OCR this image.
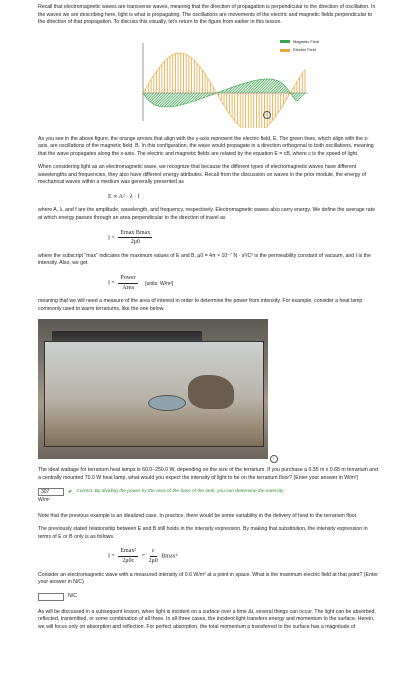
Recall that electromagnetic waves are transverse waves, meaning that the direction of propagation is perpendicular to the direction of oscillation. In the waves we are describing here, light is what is propagating. The oscillations are movements of the electric and magnetic fields perpendicular to the direction of that propagation. To discuss this visually, let's return to the figure from earlier in this lesson.

Magnetic Field
Electric Field
i

As you see in the above figure, the orange arrows that align with the y-axis represent the electric field, E. The green lines, which align with the z-axis, are oscillations of the magnetic field, B. In this configuration, the wave would propagate in a direction orthogonal to both oscillations, meaning that the wave propagates along the x-axis. The electric and magnetic fields are related by the equation E = cB, where c is the speed of light.

When considering light as an electromagnetic wave, we recognize that because the different types of electromagnetic waves have different wavelengths and frequencies, they also have different energy attributes. Recall from the discussion on waves in the prior module, the energy of mechanical waves within a medium was generally presented as

E ∝ A² · λ · f

where A, λ, and f are the amplitude, wavelength, and frequency, respectively. Electromagnetic waves also carry energy. We define the average rate at which energy passes through an area perpendicular to the direction of travel as

$I = \frac{\text{Emax Bmax}}{2\mu 0}$

where the subscript "max" indicates the maximum values of E and B, μ0 = 4π × 10⁻⁷ N · s²/C² is the permeability constant of vacuum, and I is the intensity. Also, we get

$I = \frac{\text{Power}}{\text{Area}}$ [units: W/m²]

meaning that we will need a measure of the area of interest in order to determine the power from intensity. For example, consider a heat lamp commonly used to warm terrariums, like the one below.

i

The ideal wattage for terrarium heat lamps is 60.0–250.0 W, depending on the size of the terrarium. If you purchase a 0.35 m x 0.65 m terrarium and a centrally mounted 70.0 W heat lamp, what would you expect the intensity of light to be on the terrarium floor? (Enter your answer in W/m²)

307	✔ Correct. By dividing the power by the area of the base of the tank, you can determine the intensity.
W/m²

Note that the previous example is an idealized case. In practice, there would be some variability in the delivery of heat to the terrarium floor.

The previously stated relationship between E and B still holds in the intensity expression. By making that substitution, the intensity expression in terms of E or B only is as follows.

$I = \frac{\text{Emax²}}{2\mu 0c} = \frac{c}{2\mu 0} Bmax^2$

Consider an electromagnetic wave with a measured intensity of 0.6 W/m² at a point in space. What is the maximum electric field at that point? (Enter your answer in N/C)

N/C

As will be discussed in a subsequent lesson, when light is incident on a surface over a time Δt, several things can occur. The light can be absorbed, reflected, transmitted, or some combination of all three. In all three cases, the incident light transfers energy and momentum to the surface. Herein, we will focus only on absorption and reflection. For perfect absorption, the total momentum p transferred to the surface has a magnitude of
